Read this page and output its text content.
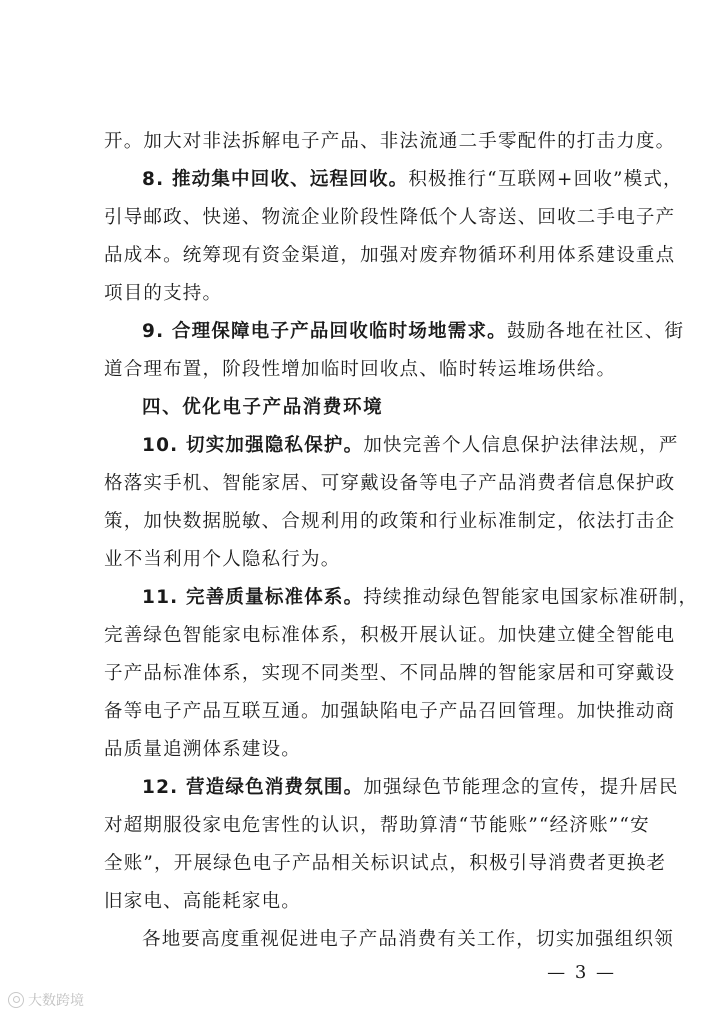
开。加大对非法拆解电子产品、非法流通二手零配件的打击力度。
8. 推动集中回收、远程回收。积极推行“互联网+回收”模式，
引导邮政、快递、物流企业阶段性降低个人寄送、回收二手电子产
品成本。统筹现有资金渠道，加强对废弃物循环利用体系建设重点
项目的支持。
9. 合理保障电子产品回收临时场地需求。鼓励各地在社区、街
道合理布置，阶段性增加临时回收点、临时转运堆场供给。
四、优化电子产品消费环境
10. 切实加强隐私保护。加快完善个人信息保护法律法规，严
格落实手机、智能家居、可穿戴设备等电子产品消费者信息保护政
策，加快数据脱敏、合规利用的政策和行业标准制定，依法打击企
业不当利用个人隐私行为。
11. 完善质量标准体系。持续推动绿色智能家电国家标准研制，
完善绿色智能家电标准体系，积极开展认证。加快建立健全智能电
子产品标准体系，实现不同类型、不同品牌的智能家居和可穿戴设
备等电子产品互联互通。加强缺陷电子产品召回管理。加快推动商
品质量追溯体系建设。
12. 营造绿色消费氛围。加强绿色节能理念的宣传，提升居民
对超期服役家电危害性的认识，帮助算清“节能账”“经济账”“安
全账”，开展绿色电子产品相关标识试点，积极引导消费者更换老
旧家电、高能耗家电。
各地要高度重视促进电子产品消费有关工作，切实加强组织领
— 3 —
大数跨境
